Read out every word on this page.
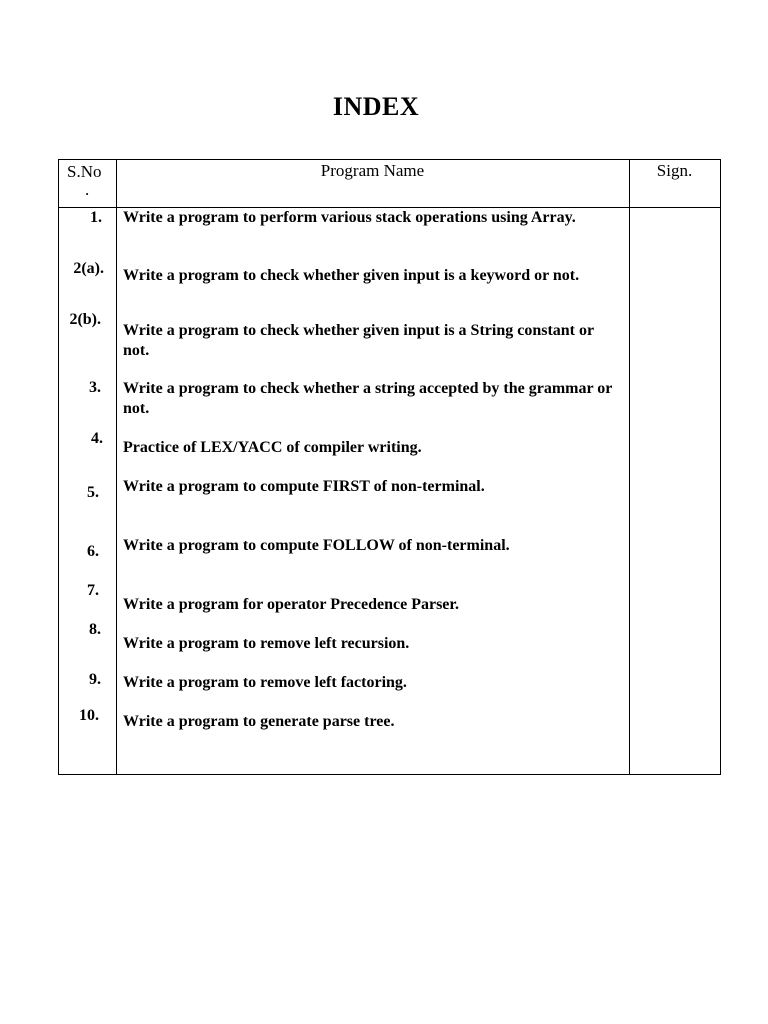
INDEX
S.No
.
Program Name	Sign.
1.
2(a).
2(b).
3.
4.
5.
6.
7.
8.
9.
10.
Write a program to perform various stack operations using Array.
Write a program to check whether given input is a keyword or not.
Write a program to check whether given input is a String constant or not.
Write a program to check whether a string accepted by the grammar or not.
Practice of LEX/YACC of compiler writing.
Write a program to compute FIRST of non-terminal.
Write a program to compute FOLLOW of non-terminal.
Write a program for operator Precedence Parser.
Write a program to remove left recursion.
Write a program to remove left factoring.
Write a program to generate parse tree.
